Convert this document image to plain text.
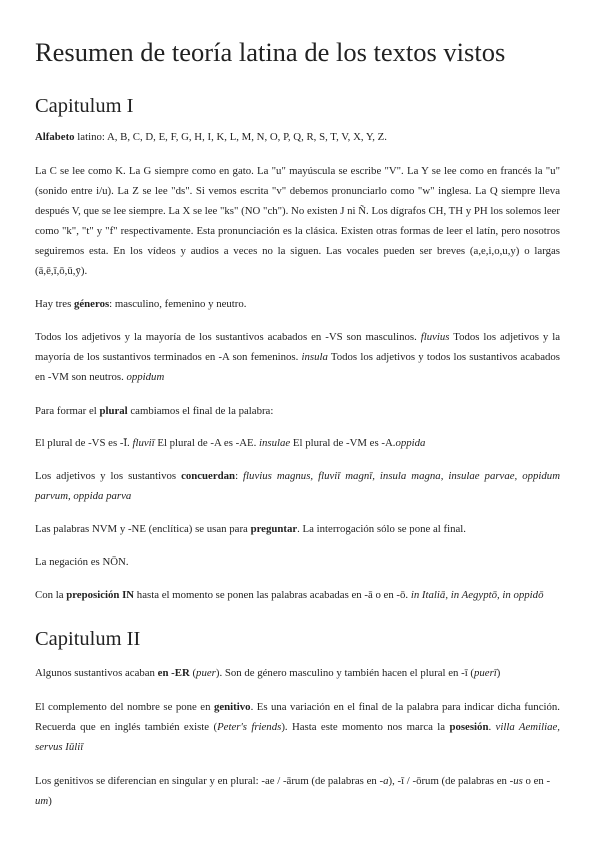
Resumen de teoría latina de los textos vistos
Capitulum I

Alfabeto latino: A, B, C, D, E, F, G, H, I, K, L, M, N, O, P, Q, R, S, T, V, X, Y, Z.

La C se lee como K. La G siempre como en gato. La "u" mayúscula se escribe "V". La Y se lee como en francés la "u" (sonido entre i/u). La Z se lee "ds". Si vemos escrita "v" debemos pronunciarlo como "w" inglesa. La Q siempre lleva después V, que se lee siempre. La X se lee "ks" (NO "ch"). No existen J ni Ñ. Los dígrafos CH, TH y PH los solemos leer como "k", "t" y "f" respectivamente. Esta pronunciación es la clásica. Existen otras formas de leer el latín, pero nosotros seguiremos esta. En los vídeos y audios a veces no la siguen. Las vocales pueden ser breves (a,e,i,o,u,y) o largas (ā,ē,ī,ō,ū,ȳ).

Hay tres géneros: masculino, femenino y neutro.

Todos los adjetivos y la mayoría de los sustantivos acabados en -VS son masculinos. fluvius Todos los adjetivos y la mayoría de los sustantivos terminados en -A son femeninos. insula Todos los adjetivos y todos los sustantivos acabados en -VM son neutros. oppidum

Para formar el plural cambiamos el final de la palabra:

El plural de -VS es -Ī. fluviī El plural de -A es -AE. insulae El plural de -VM es -A.oppida

Los adjetivos y los sustantivos concuerdan: fluvius magnus, fluviī magnī, insula magna, insulae parvae, oppidum parvum, oppida parva

Las palabras NVM y -NE (enclítica) se usan para preguntar. La interrogación sólo se pone al final.

La negación es NŌN.

Con la preposición IN hasta el momento se ponen las palabras acabadas en -ā o en -ō. in Italiā, in Aegyptō, in oppidō

Capitulum II

Algunos sustantivos acaban en -ER (puer). Son de género masculino y también hacen el plural en -ī (puerī)

El complemento del nombre se pone en genitivo. Es una variación en el final de la palabra para indicar dicha función. Recuerda que en inglés también existe (Peter's friends). Hasta este momento nos marca la posesión. villa Aemiliae, servus Iūliī

Los genitivos se diferencian en singular y en plural: -ae / -ārum (de palabras en -a), -ī / -ōrum (de palabras en -us o en -um)
